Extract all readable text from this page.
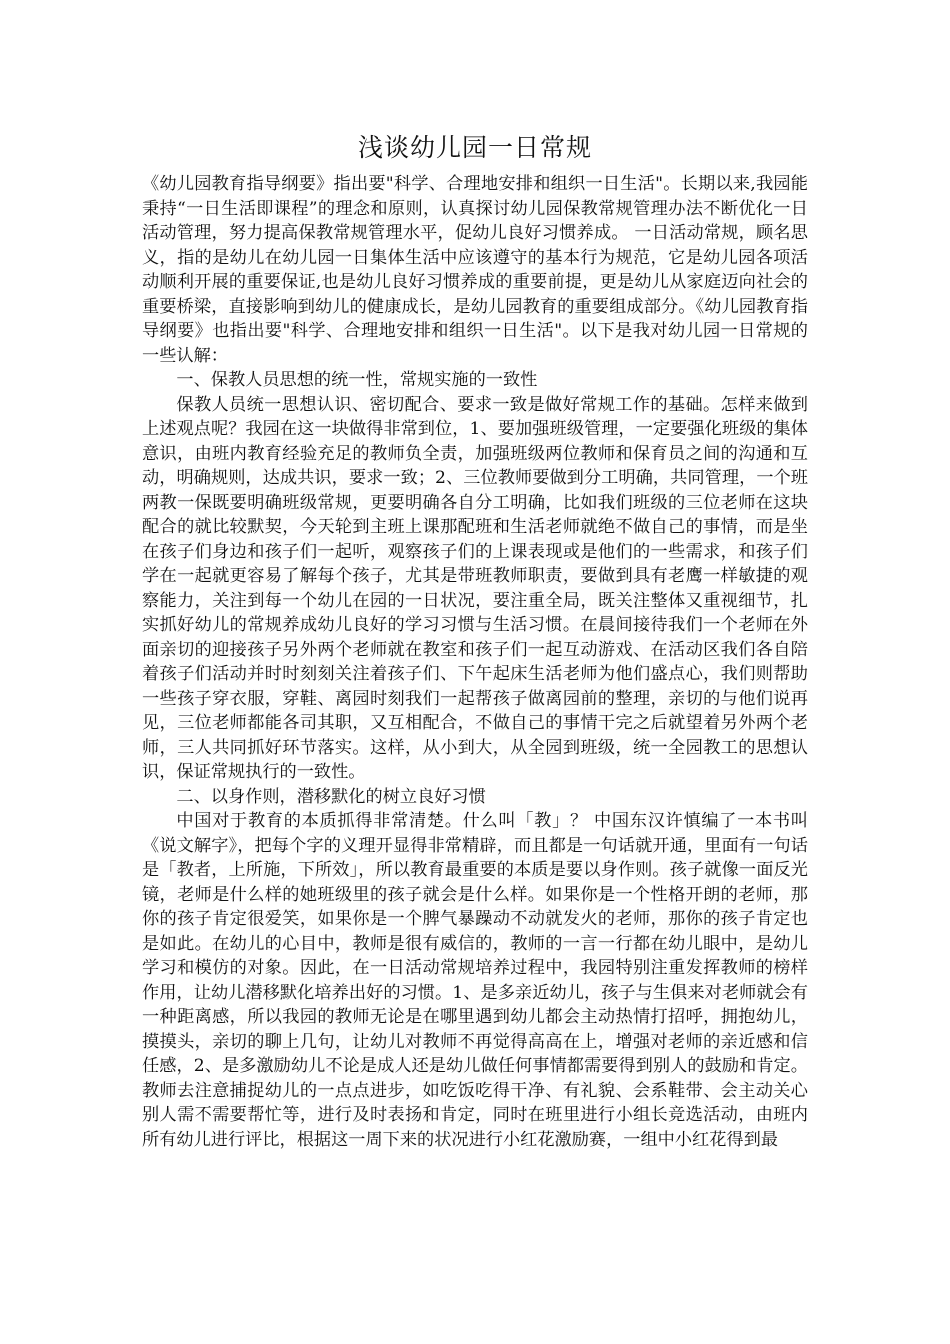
浅谈幼儿园一日常规

《幼儿园教育指导纲要》指出要"科学、合理地安排和组织一日生活"。长期以来,我园能秉持“一日生活即课程”的理念和原则，认真探讨幼儿园保教常规管理办法不断优化一日活动管理，努力提高保教常规管理水平，促幼儿良好习惯养成。 一日活动常规，顾名思义，指的是幼儿在幼儿园一日集体生活中应该遵守的基本行为规范，它是幼儿园各项活动顺利开展的重要保证,也是幼儿良好习惯养成的重要前提，更是幼儿从家庭迈向社会的重要桥梁，直接影响到幼儿的健康成长，是幼儿园教育的重要组成部分。《幼儿园教育指导纲要》也指出要"科学、合理地安排和组织一日生活"。以下是我对幼儿园一日常规的一些认解：

一、保教人员思想的统一性，常规实施的一致性

保教人员统一思想认识、密切配合、要求一致是做好常规工作的基础。怎样来做到上述观点呢？我园在这一块做得非常到位，1、要加强班级管理，一定要强化班级的集体意识，由班内教育经验充足的教师负全责，加强班级两位教师和保育员之间的沟通和互动，明确规则，达成共识，要求一致；2、三位教师要做到分工明确，共同管理，一个班两教一保既要明确班级常规，更要明确各自分工明确，比如我们班级的三位老师在这块配合的就比较默契，今天轮到主班上课那配班和生活老师就绝不做自己的事情，而是坐在孩子们身边和孩子们一起听，观察孩子们的上课表现或是他们的一些需求，和孩子们学在一起就更容易了解每个孩子，尤其是带班教师职责，要做到具有老鹰一样敏捷的观察能力，关注到每一个幼儿在园的一日状况，要注重全局，既关注整体又重视细节，扎实抓好幼儿的常规养成幼儿良好的学习习惯与生活习惯。在晨间接待我们一个老师在外面亲切的迎接孩子另外两个老师就在教室和孩子们一起互动游戏、在活动区我们各自陪着孩子们活动并时时刻刻关注着孩子们、下午起床生活老师为他们盛点心，我们则帮助一些孩子穿衣服，穿鞋、离园时刻我们一起帮孩子做离园前的整理，亲切的与他们说再见，三位老师都能各司其职，又互相配合，不做自己的事情干完之后就望着另外两个老师，三人共同抓好环节落实。这样，从小到大，从全园到班级，统一全园教工的思想认识，保证常规执行的一致性。

二、以身作则，潜移默化的树立良好习惯

中国对于教育的本质抓得非常清楚。什么叫「教」？ 中国东汉许慎编了一本书叫《说文解字》，把每个字的义理开显得非常精辟，而且都是一句话就开通，里面有一句话是「教者，上所施，下所效」，所以教育最重要的本质是要以身作则。孩子就像一面反光镜，老师是什么样的她班级里的孩子就会是什么样。如果你是一个性格开朗的老师，那你的孩子肯定很爱笑，如果你是一个脾气暴躁动不动就发火的老师，那你的孩子肯定也是如此。在幼儿的心目中，教师是很有威信的，教师的一言一行都在幼儿眼中，是幼儿学习和模仿的对象。因此，在一日活动常规培养过程中，我园特别注重发挥教师的榜样作用，让幼儿潜移默化培养出好的习惯。1、是多亲近幼儿，孩子与生俱来对老师就会有一种距离感，所以我园的教师无论是在哪里遇到幼儿都会主动热情打招呼，拥抱幼儿，摸摸头，亲切的聊上几句，让幼儿对教师不再觉得高高在上，增强对老师的亲近感和信任感，2、是多激励幼儿不论是成人还是幼儿做任何事情都需要得到别人的鼓励和肯定。教师去注意捕捉幼儿的一点点进步，如吃饭吃得干净、有礼貌、会系鞋带、会主动关心别人需不需要帮忙等，进行及时表扬和肯定，同时在班里进行小组长竞选活动，由班内所有幼儿进行评比，根据这一周下来的状况进行小红花激励赛，一组中小红花得到最
